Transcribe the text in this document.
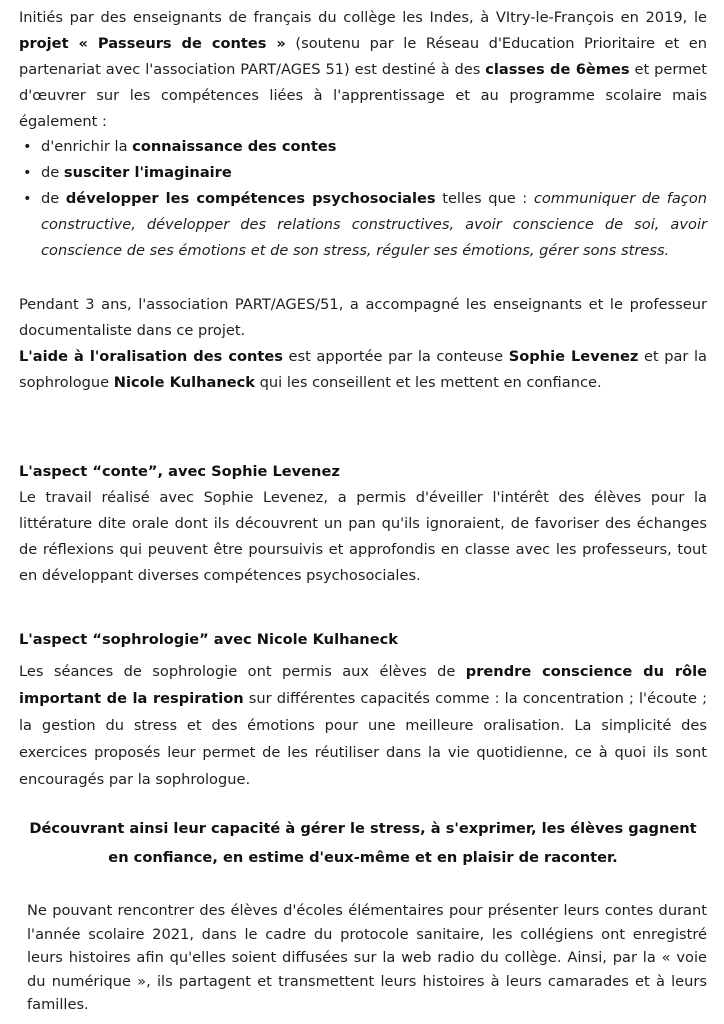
Initiés par des enseignants de français du collège les Indes, à VItry-le-François en 2019, le projet « Passeurs de contes » (soutenu par le Réseau d'Education Prioritaire et en partenariat avec l'association PART/AGES 51) est destiné à des classes de 6èmes et permet d'œuvrer sur les compétences liées à l'apprentissage et au programme scolaire mais également :

• d'enrichir la connaissance des contes
• de susciter l'imaginaire
• de développer les compétences psychosociales telles que : communiquer de façon constructive, développer des relations constructives, avoir conscience de soi, avoir conscience de ses émotions et de son stress, réguler ses émotions, gérer sons stress.

Pendant 3 ans, l'association PART/AGES/51, a accompagné les enseignants et le professeur documentaliste dans ce projet.

L'aide à l'oralisation des contes est apportée par la conteuse Sophie Levenez et par la sophrologue Nicole Kulhaneck qui les conseillent et les mettent en confiance.

L'aspect “conte”, avec Sophie Levenez

Le travail réalisé avec Sophie Levenez, a permis d'éveiller l'intérêt des élèves pour la littérature dite orale dont ils découvrent un pan qu'ils ignoraient, de favoriser des échanges de réflexions qui peuvent être poursuivis et approfondis en classe avec les professeurs, tout en développant diverses compétences psychosociales.

L'aspect “sophrologie” avec Nicole Kulhaneck

Les séances de sophrologie ont permis aux élèves de prendre conscience du rôle important de la respiration sur différentes capacités comme : la concentration ; l'écoute ; la gestion du stress et des émotions pour une meilleure oralisation. La simplicité des exercices proposés leur permet de les réutiliser dans la vie quotidienne, ce à quoi ils sont encouragés par la sophrologue.

Découvrant ainsi leur capacité à gérer le stress, à s'exprimer, les élèves gagnent en confiance, en estime d'eux-même et en plaisir de raconter.

Ne pouvant rencontrer des élèves d'écoles élémentaires pour présenter leurs contes durant l'année scolaire 2021, dans le cadre du protocole sanitaire, les collégiens ont enregistré leurs histoires afin qu'elles soient diffusées sur la web radio du collège. Ainsi, par la « voie du numérique », ils partagent et transmettent leurs histoires à leurs camarades et à leurs familles.
